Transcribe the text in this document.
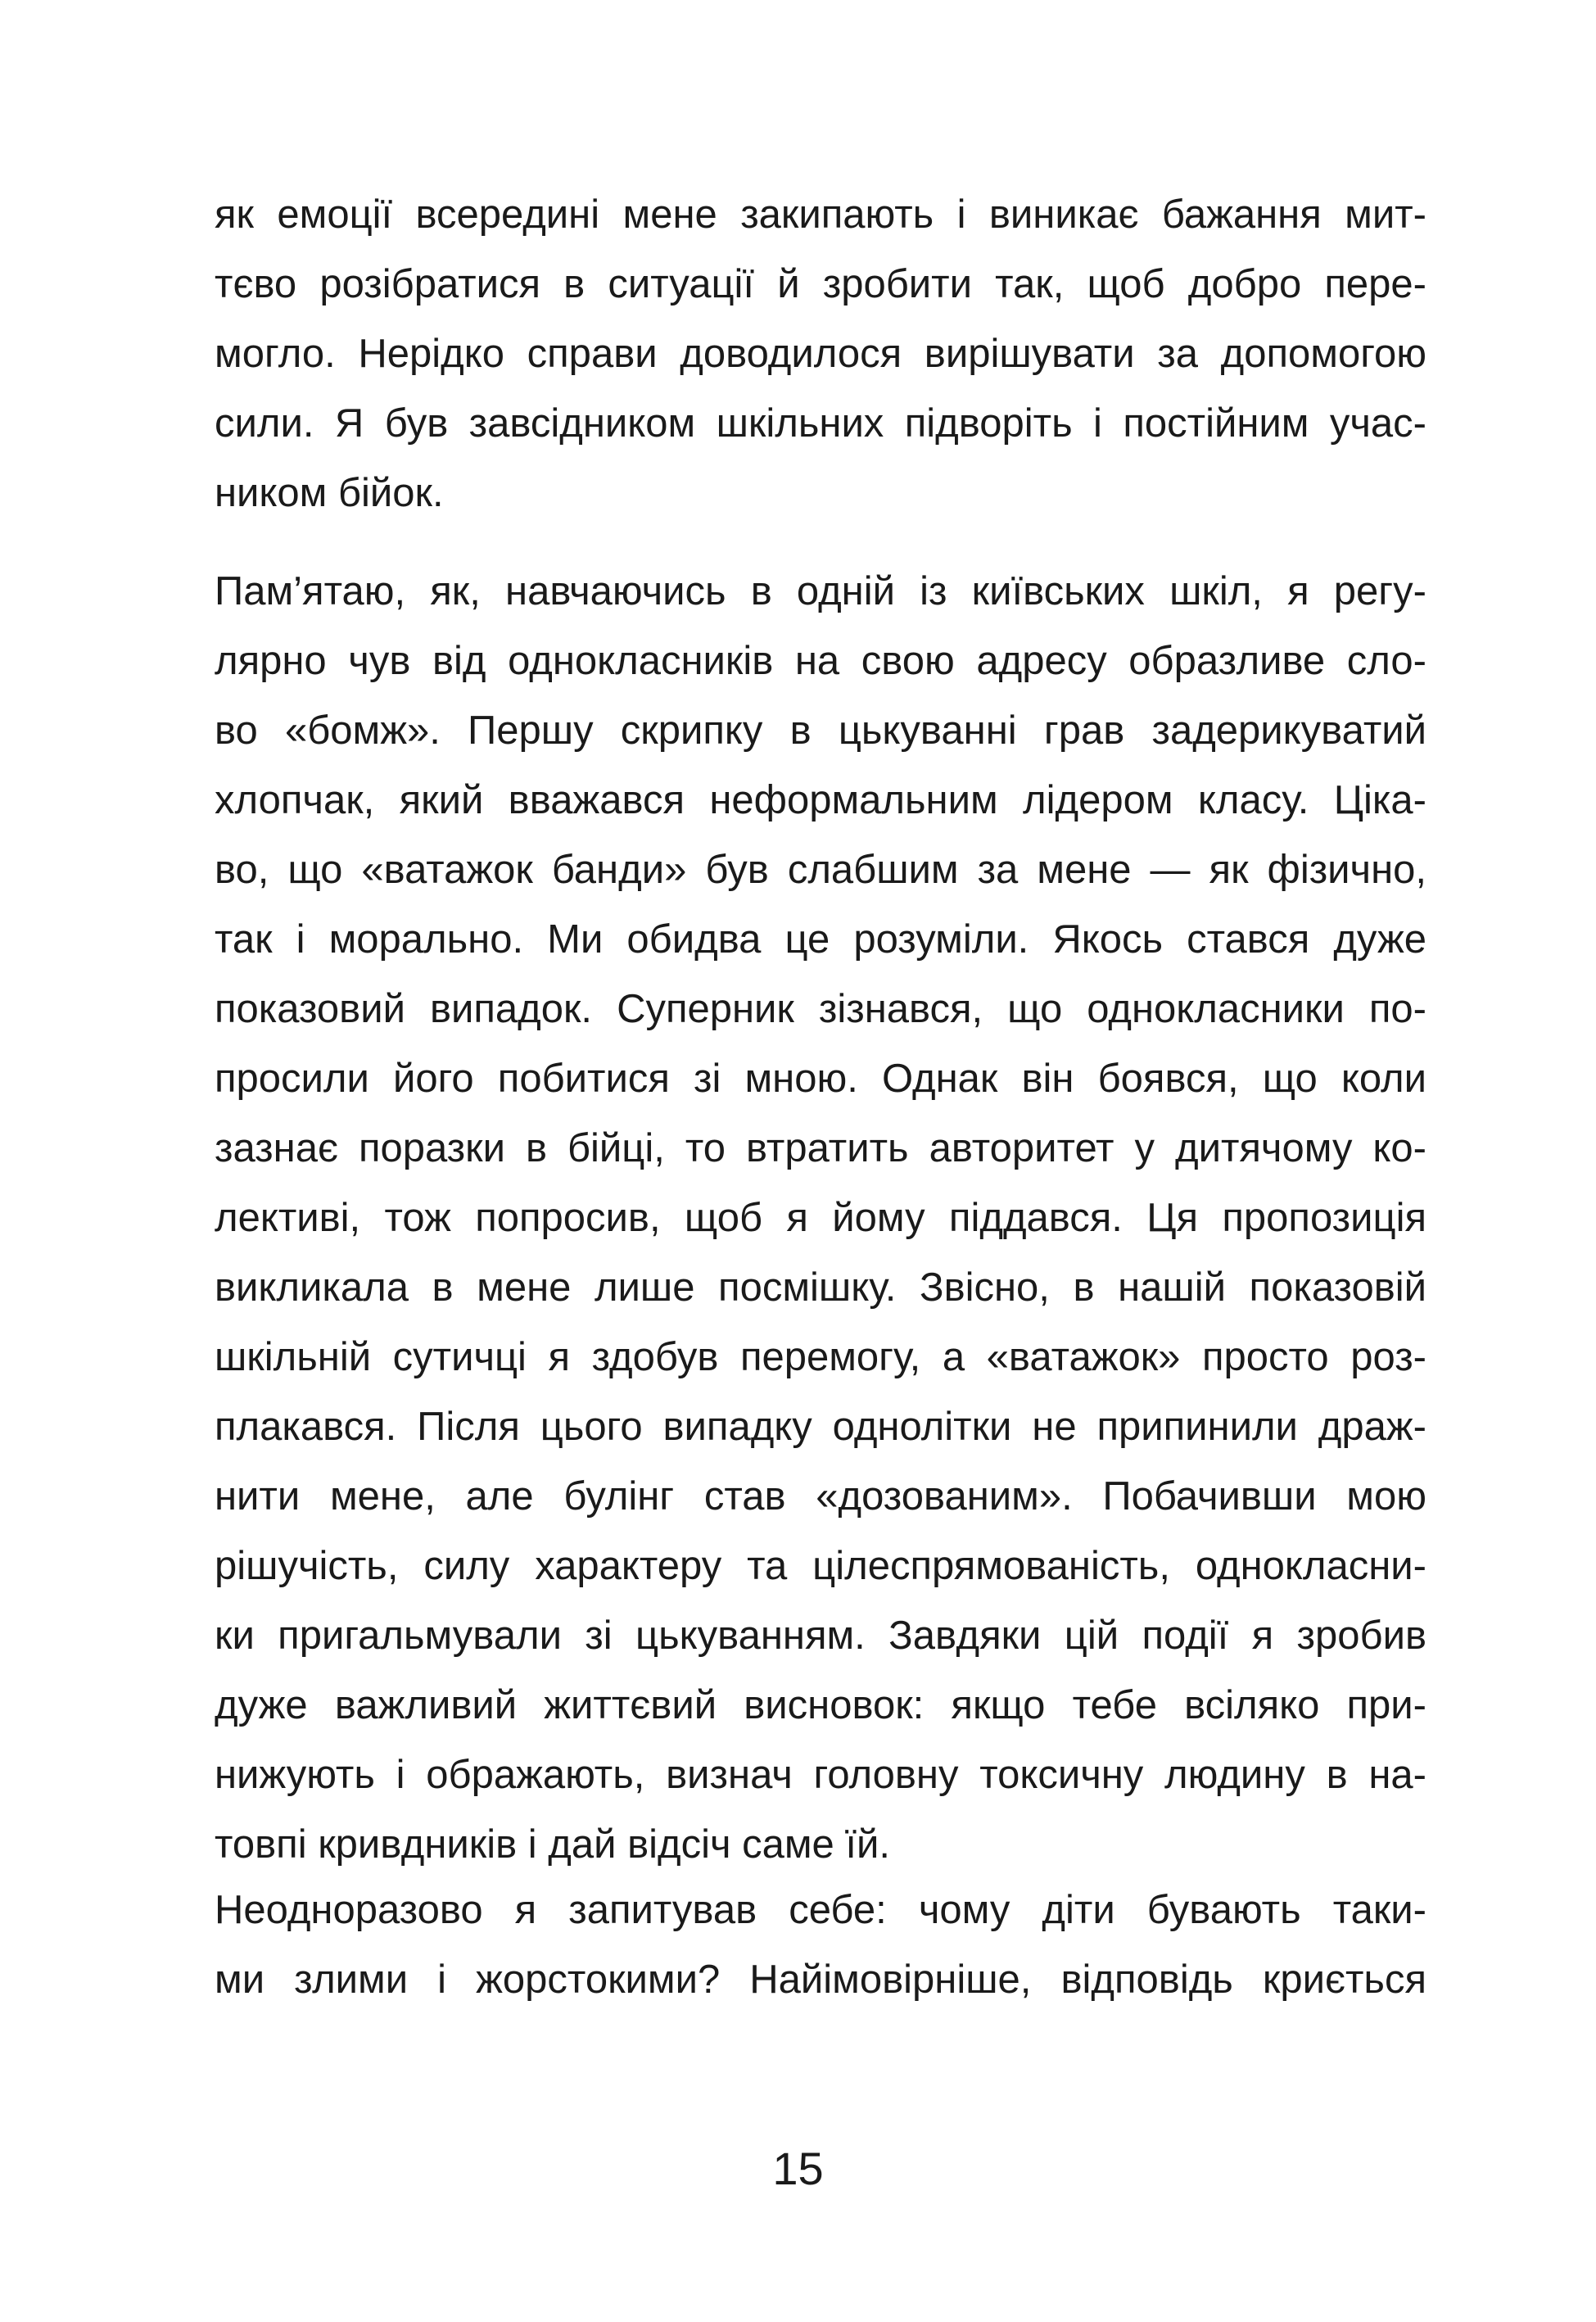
як емоції всередині мене закипають і виникає бажання мит-
тєво розібратися в ситуації й зробити так, щоб добро пере-
могло. Нерідко справи доводилося вирішувати за допомогою
сили. Я був завсідником шкільних підворіть і постійним учас-
ником бійок.
Пам’ятаю, як, навчаючись в одній із київських шкіл, я регу-
лярно чув від однокласників на свою адресу образливе сло-
во «бомж». Першу скрипку в цькуванні грав задерикуватий
хлопчак, який вважався неформальним лідером класу. Ціка-
во, що «ватажок банди» був слабшим за мене — як фізично,
так і морально. Ми обидва це розуміли. Якось стався дуже
показовий випадок. Суперник зізнався, що однокласники по-
просили його побитися зі мною. Однак він боявся, що коли
зазнає поразки в бійці, то втратить авторитет у дитячому ко-
лективі, тож попросив, щоб я йому піддався. Ця пропозиція
викликала в мене лише посмішку. Звісно, в нашій показовій
шкільній сутичці я здобув перемогу, а «ватажок» просто роз-
плакався. Після цього випадку однолітки не припинили драж-
нити мене, але булінг став «дозованим». Побачивши мою
рішучість, силу характеру та цілеспрямованість, однокласни-
ки пригальмували зі цькуванням. Завдяки цій події я зробив
дуже важливий життєвий висновок: якщо тебе всіляко при-
нижують і ображають, визнач головну токсичну людину в на-
товпі кривдників і дай відсіч саме їй.
Неодноразово я запитував себе: чому діти бувають таки-
ми злими і жорстокими? Найімовірніше, відповідь криється
15
